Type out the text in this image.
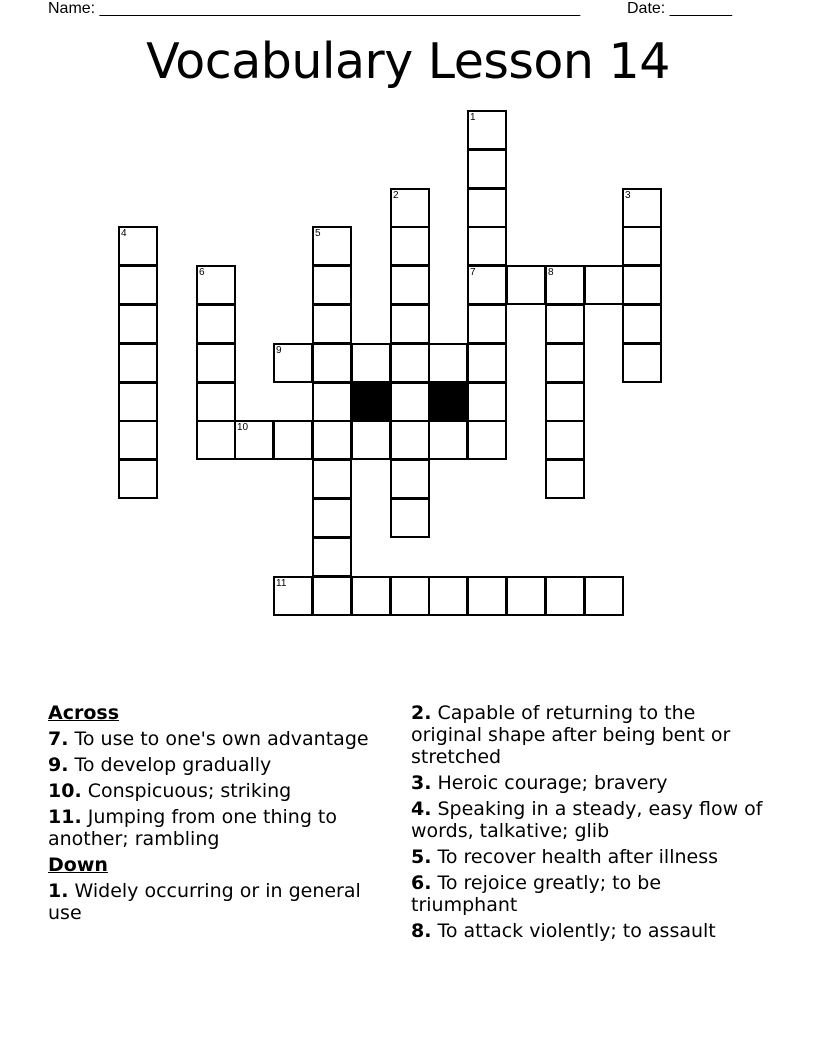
Name: ______________________________________________________	Date: _______
Vocabulary Lesson 14
1
7
2	3
4	5
6	8
9
10
11
Across
7. To use to one's own advantage
9. To develop gradually
10. Conspicuous; striking
11. Jumping from one thing to another; rambling
Down
1. Widely occurring or in general use
2. Capable of returning to the original shape after being bent or stretched
3. Heroic courage; bravery
4. Speaking in a steady, easy flow of words, talkative; glib
5. To recover health after illness
6. To rejoice greatly; to be triumphant
8. To attack violently; to assault
